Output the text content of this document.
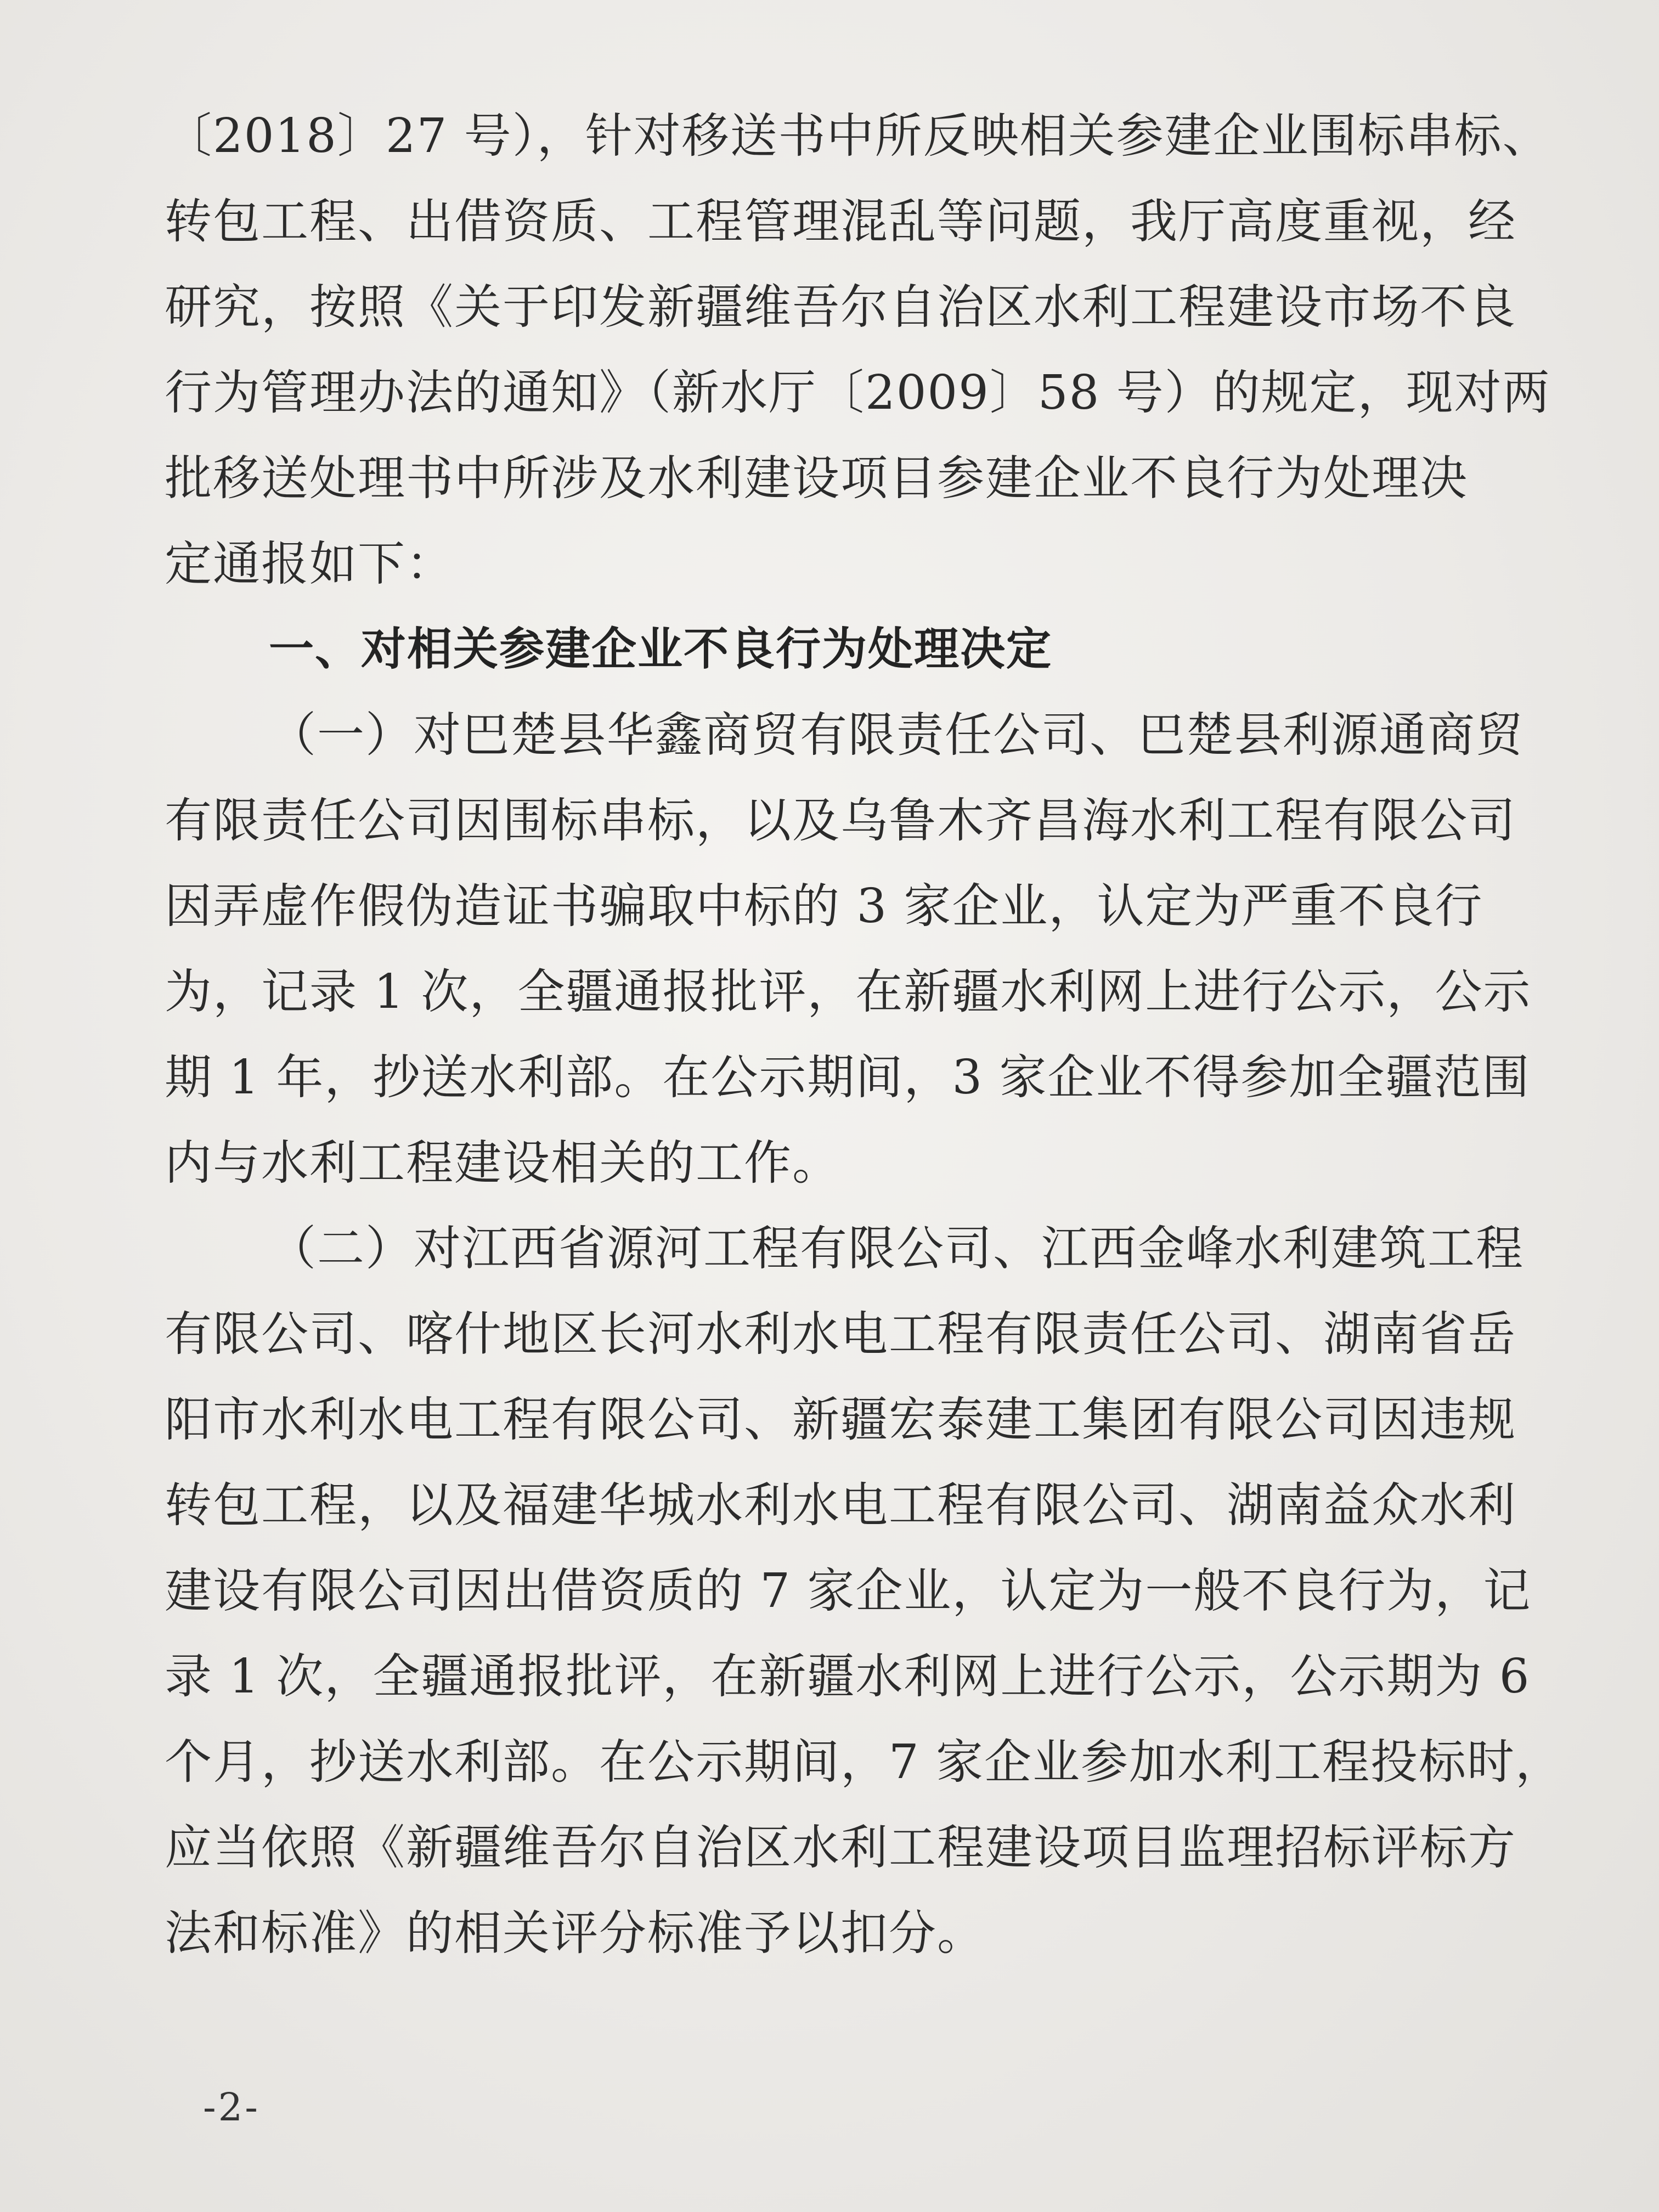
〔2018〕27 号），针对移送书中所反映相关参建企业围标串标、
转包工程、出借资质、工程管理混乱等问题，我厅高度重视，经
研究，按照《关于印发新疆维吾尔自治区水利工程建设市场不良
行为管理办法的通知》（新水厅〔2009〕58 号）的规定，现对两
批移送处理书中所涉及水利建设项目参建企业不良行为处理决
定通报如下：
一、对相关参建企业不良行为处理决定
（一）对巴楚县华鑫商贸有限责任公司、巴楚县利源通商贸
有限责任公司因围标串标，以及乌鲁木齐昌海水利工程有限公司
因弄虚作假伪造证书骗取中标的 3 家企业，认定为严重不良行
为，记录 1 次，全疆通报批评，在新疆水利网上进行公示，公示
期 1 年，抄送水利部。在公示期间，3 家企业不得参加全疆范围
内与水利工程建设相关的工作。
（二）对江西省源河工程有限公司、江西金峰水利建筑工程
有限公司、喀什地区长河水利水电工程有限责任公司、湖南省岳
阳市水利水电工程有限公司、新疆宏泰建工集团有限公司因违规
转包工程，以及福建华城水利水电工程有限公司、湖南益众水利
建设有限公司因出借资质的 7 家企业，认定为一般不良行为，记
录 1 次，全疆通报批评，在新疆水利网上进行公示，公示期为 6
个月，抄送水利部。在公示期间，7 家企业参加水利工程投标时，
应当依照《新疆维吾尔自治区水利工程建设项目监理招标评标方
法和标准》的相关评分标准予以扣分。
-2-
